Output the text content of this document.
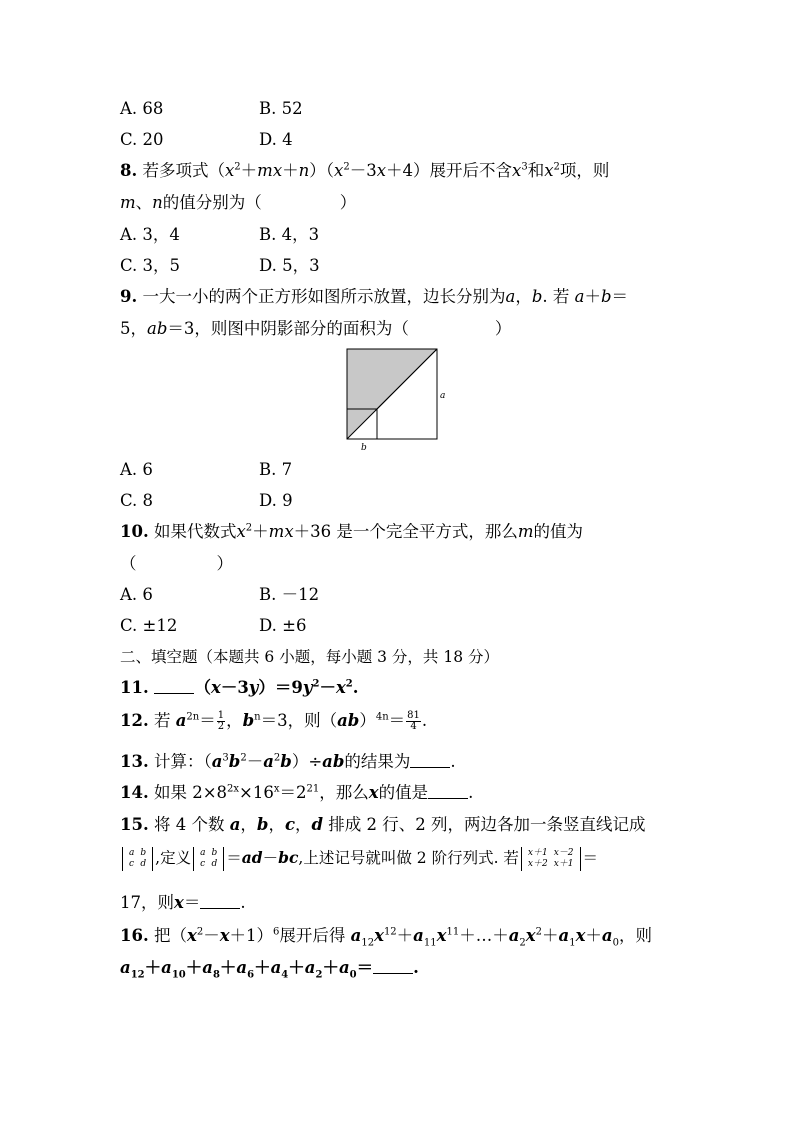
A. 68	B. 52
C. 20	D. 4
8. 若多项式$(x^2+mx+n)(x^2-3x+4)$展开后不含$x^3$和$x^2$项，则
m、n的值分别为（	）
A. 3，4	B. 4，3
C. 3，5	D. 5，3
9. 一大一小的两个正方形如图所示放置，边长分别为a，b. 若 a＋b＝
5，ab＝3，则图中阴影部分的面积为（	）
a
b
A. 6	B. 7
C. 8	D. 9
10. 如果代数式$x^2+mx+36$ 是一个完全平方式，那么m的值为
（	）
A. 6	B. －12
C. ±12	D. ±6
二、填空题（本题共 6 小题，每小题 3 分，共 18 分）
11.	$(x-3y)=9y^2-x^2$.
12. 若 $a^{2n}= \frac{1}{2}$ ，$b^n=3$，则$(ab)^{4n}= \frac{81}{4}$ .
13. 计算：$(a^3b^2-a^2b)\div ab$的结果为 .
14. 如果 $2\times 8^{2x}\times 16^x=2^{21}$，那么x的值是 .
15. 将 4 个数 a，b，c，d 排成 2 行、2 列，两边各加一条竖直线记成
a	b
c	d ,定义 a	b
c	d ＝ad－bc,上述记号就叫做 2 阶行列式. 若 x＋1	x－2
x＋2	x＋1 ＝
17，则x＝ .
16. 把$(x^2-x+1)^6$展开后得 $a_{12}x^{12}+a_{11}x^{11}+\dots+a_2x^2+a_1x+a_0$，则
$a_{12}+a_{10}+a_8+a_6+a_4+a_2+a_0=$ .
